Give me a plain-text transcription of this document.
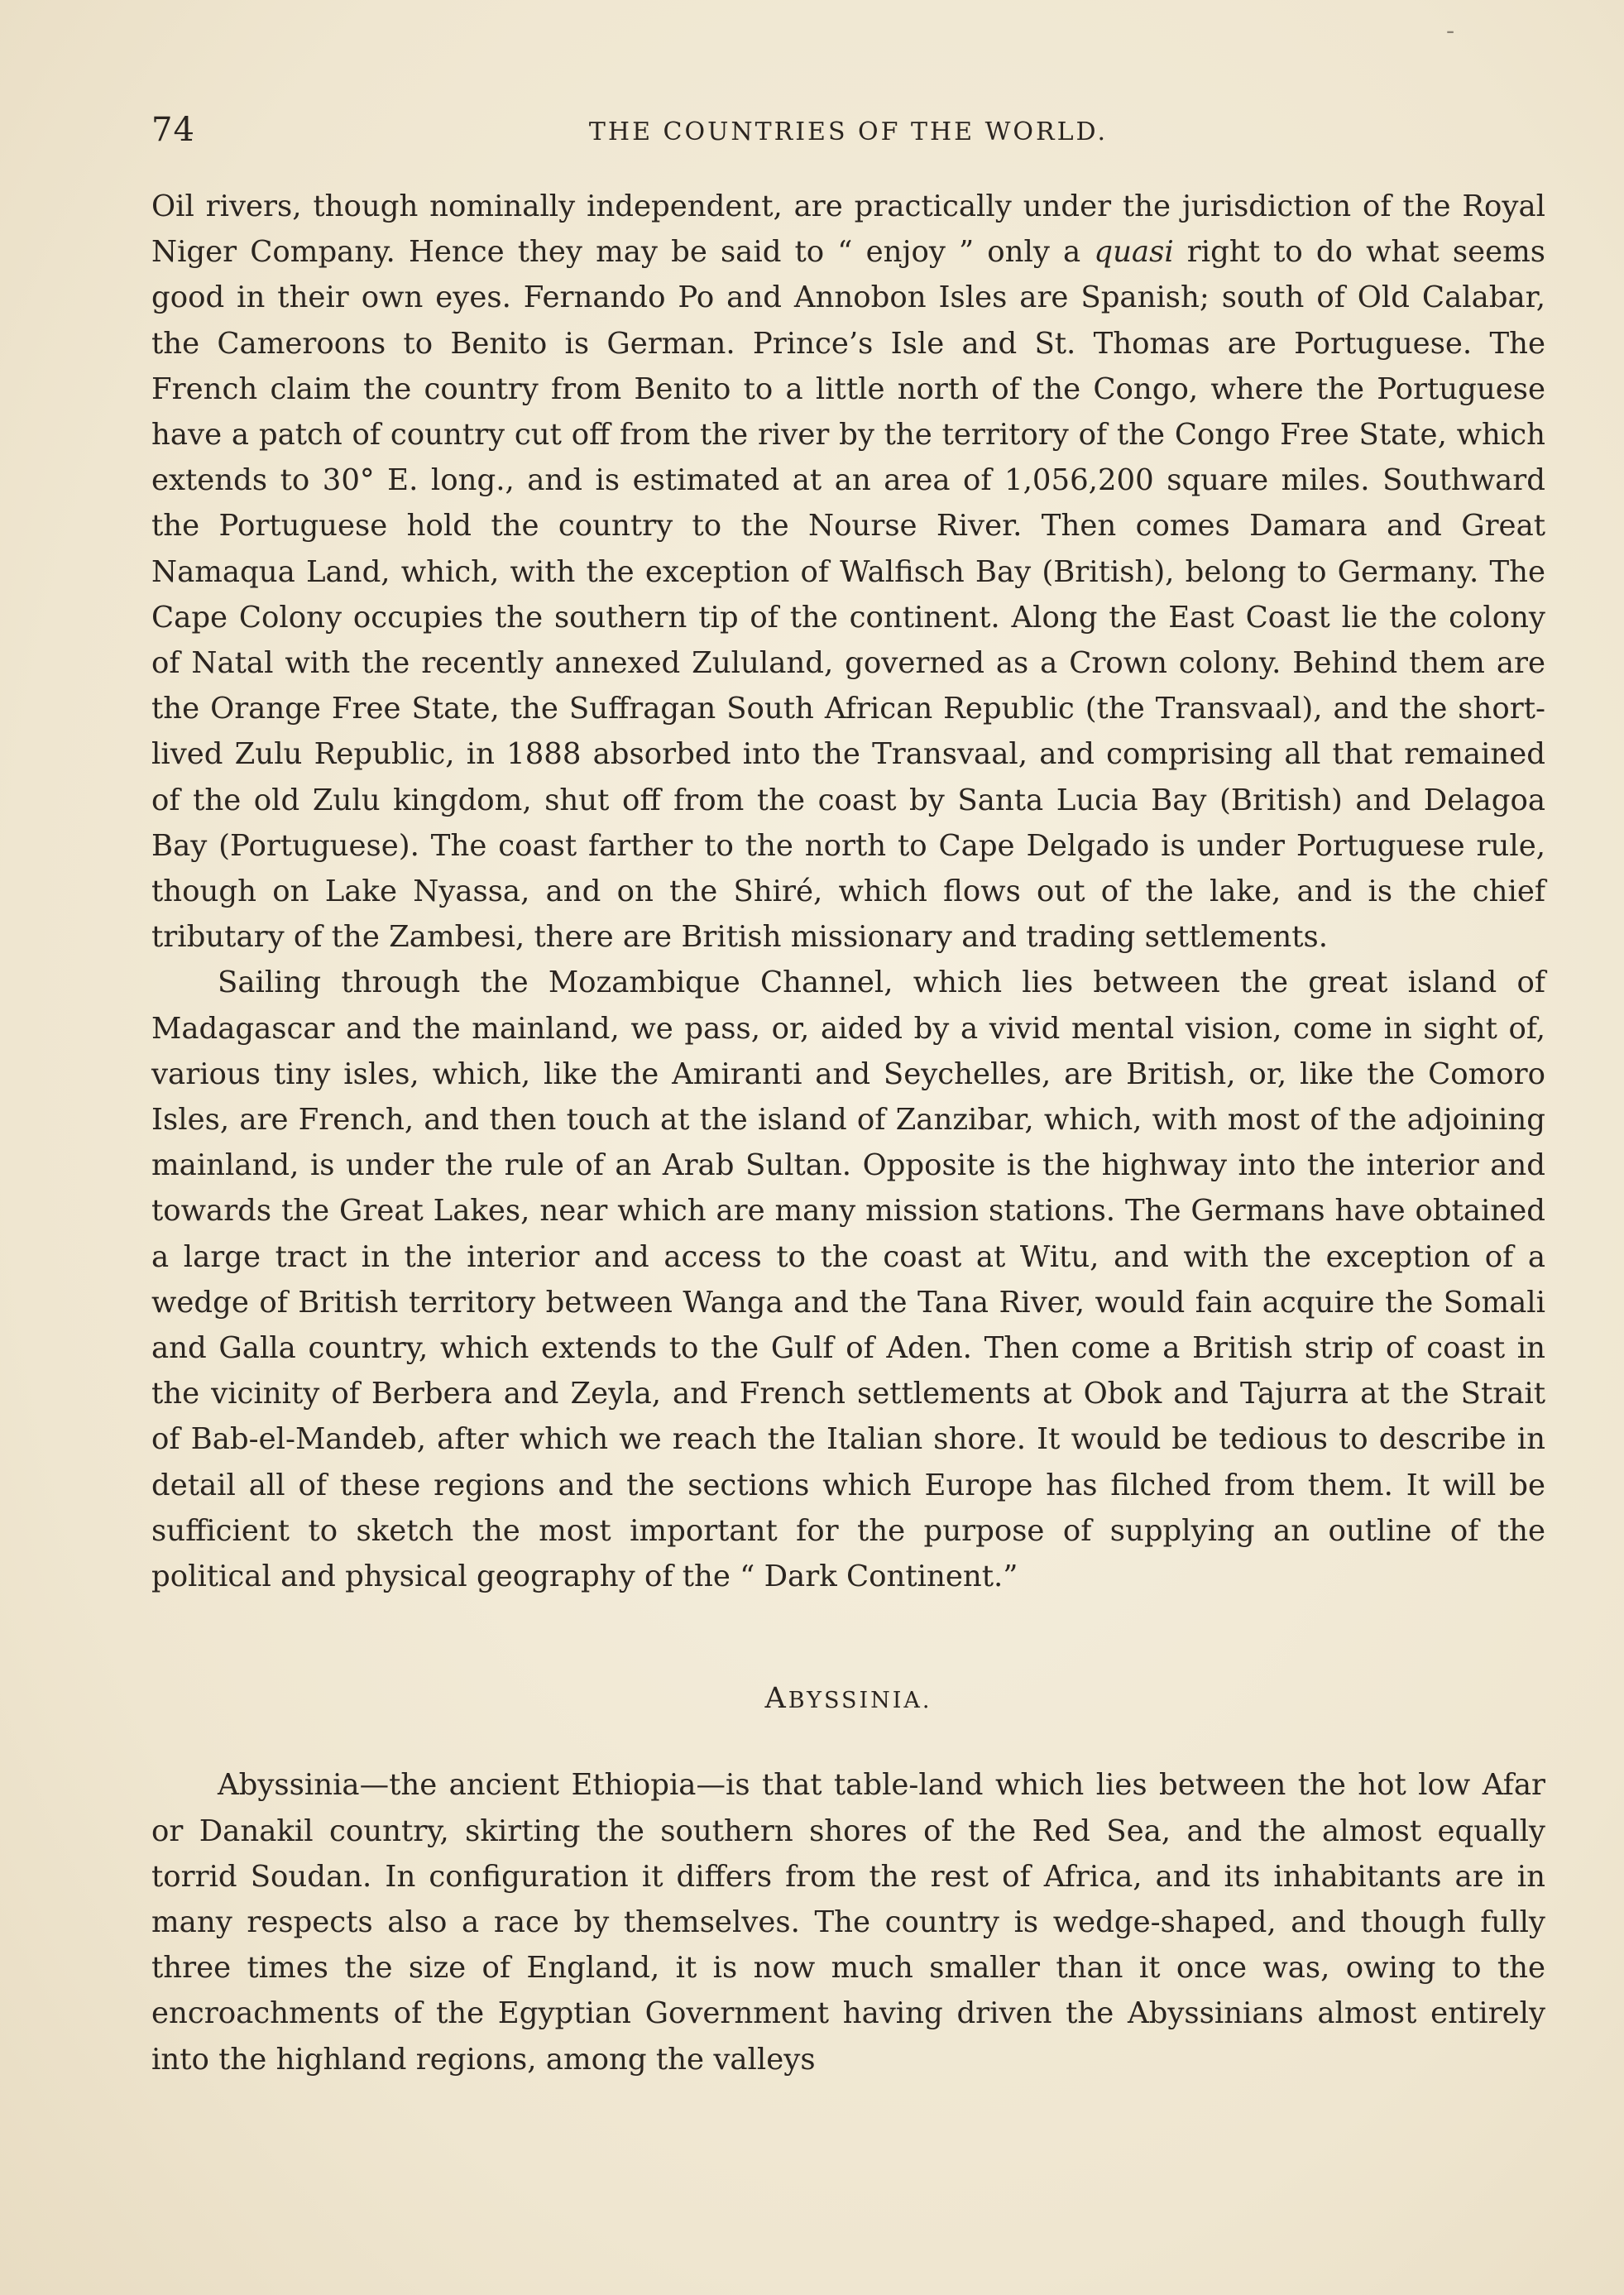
-
74	THE COUNTRIES OF THE WORLD.

Oil rivers, though nominally independent, are practically under the jurisdiction of the Royal Niger Company. Hence they may be said to “ enjoy ” only a quasi right to do what seems good in their own eyes. Fernando Po and Annobon Isles are Spanish; south of Old Calabar, the Cameroons to Benito is German. Prince’s Isle and St. Thomas are Portuguese. The French claim the country from Benito to a little north of the Congo, where the Portuguese have a patch of country cut off from the river by the territory of the Congo Free State, which extends to 30° E. long., and is estimated at an area of 1,056,200 square miles. Southward the Portuguese hold the country to the Nourse River. Then comes Damara and Great Namaqua Land, which, with the exception of Walfisch Bay (British), belong to Germany. The Cape Colony occupies the southern tip of the continent. Along the East Coast lie the colony of Natal with the recently annexed Zululand, governed as a Crown colony. Behind them are the Orange Free State, the Suffragan South African Republic (the Transvaal), and the short-lived Zulu Republic, in 1888 absorbed into the Transvaal, and comprising all that remained of the old Zulu kingdom, shut off from the coast by Santa Lucia Bay (British) and Delagoa Bay (Portuguese). The coast farther to the north to Cape Delgado is under Portuguese rule, though on Lake Nyassa, and on the Shiré, which flows out of the lake, and is the chief tributary of the Zambesi, there are British missionary and trading settlements.

Sailing through the Mozambique Channel, which lies between the great island of Madagascar and the mainland, we pass, or, aided by a vivid mental vision, come in sight of, various tiny isles, which, like the Amiranti and Seychelles, are British, or, like the Comoro Isles, are French, and then touch at the island of Zanzibar, which, with most of the adjoining mainland, is under the rule of an Arab Sultan. Opposite is the highway into the interior and towards the Great Lakes, near which are many mission stations. The Germans have obtained a large tract in the interior and access to the coast at Witu, and with the exception of a wedge of British territory between Wanga and the Tana River, would fain acquire the Somali and Galla country, which extends to the Gulf of Aden. Then come a British strip of coast in the vicinity of Berbera and Zeyla, and French settlements at Obok and Tajurra at the Strait of Bab-el-Mandeb, after which we reach the Italian shore. It would be tedious to describe in detail all of these regions and the sections which Europe has filched from them. It will be sufficient to sketch the most important for the purpose of supplying an outline of the political and physical geography of the “ Dark Continent.”

ABYSSINIA.

Abyssinia—the ancient Ethiopia—is that table-land which lies between the hot low Afar or Danakil country, skirting the southern shores of the Red Sea, and the almost equally torrid Soudan. In configuration it differs from the rest of Africa, and its inhabitants are in many respects also a race by themselves. The country is wedge-shaped, and though fully three times the size of England, it is now much smaller than it once was, owing to the encroachments of the Egyptian Government having driven the Abyssinians almost entirely into the highland regions, among the valleys
